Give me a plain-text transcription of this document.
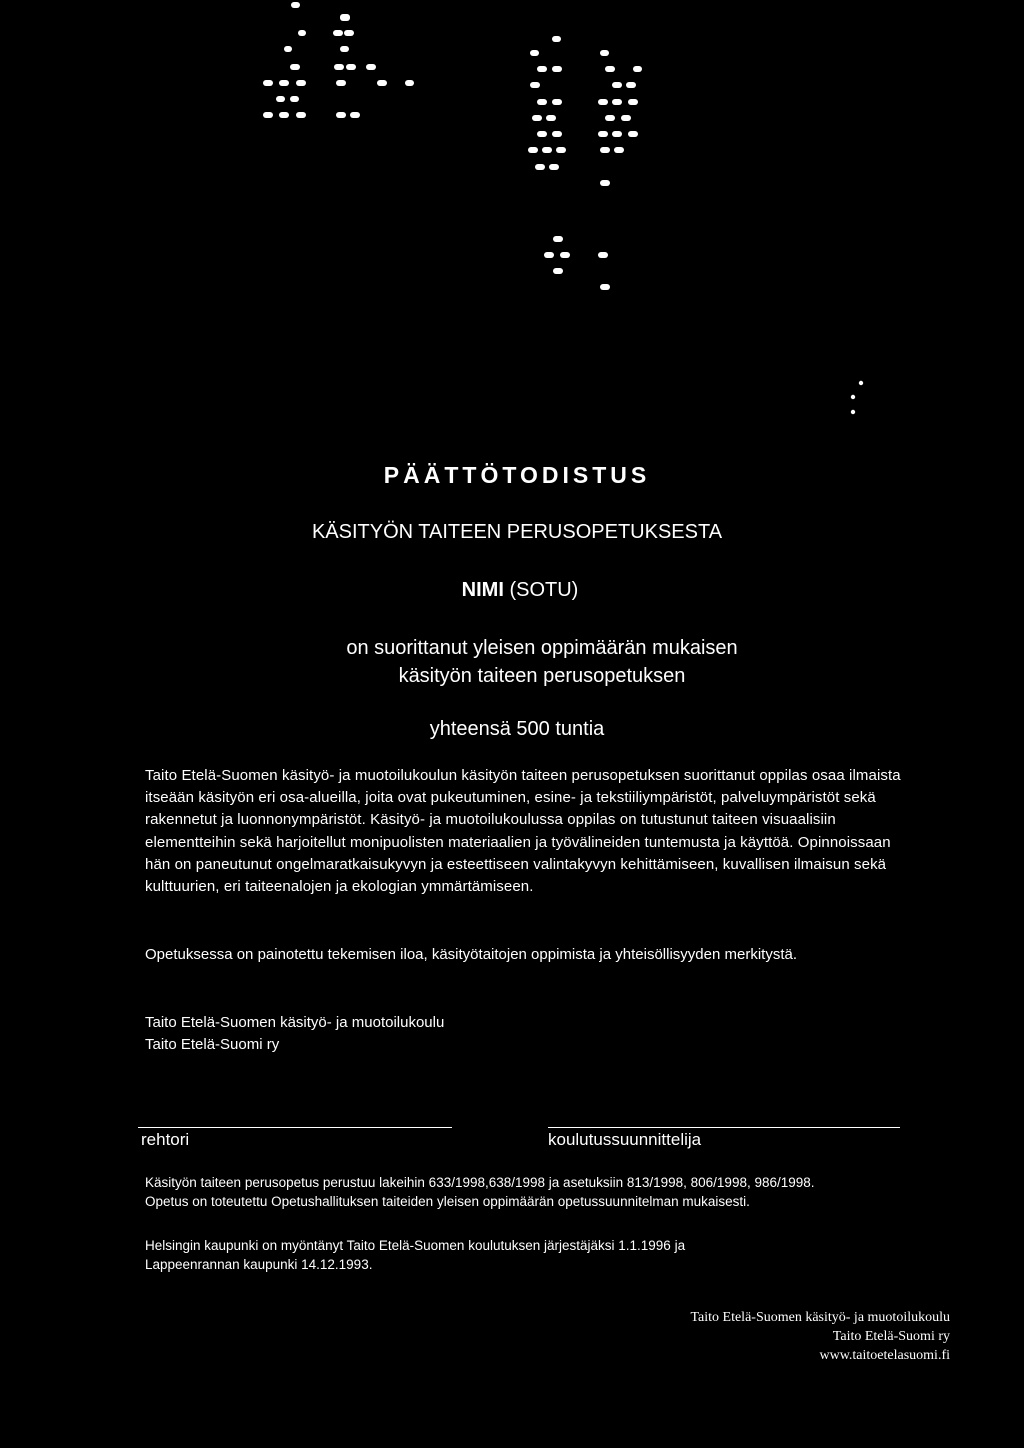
PÄÄTTÖTODISTUS
KÄSITYÖN TAITEEN PERUSOPETUKSESTA
NIMI (SOTU)
on suorittanut yleisen oppimäärän mukaisen
käsityön taiteen perusopetuksen
yhteensä 500 tuntia
Taito Etelä-Suomen käsityö- ja muotoilukoulun käsityön taiteen perusopetuksen suorittanut oppilas osaa ilmaista itseään käsityön eri osa-alueilla, joita ovat pukeutuminen, esine- ja tekstiiliympäristöt, palveluympäristöt sekä rakennetut ja luonnonympäristöt. Käsityö- ja muotoilukoulussa oppilas on tutustunut taiteen visuaalisiin elementteihin sekä harjoitellut monipuolisten materiaalien ja työvälineiden tuntemusta ja käyttöä. Opinnoissaan hän on paneutunut ongelmaratkaisukyvyn ja esteettiseen valintakyvyn kehittämiseen, kuvallisen ilmaisun sekä kulttuurien, eri taiteenalojen ja ekologian ymmärtämiseen.
Opetuksessa on painotettu tekemisen iloa, käsityötaitojen oppimista ja yhteisöllisyyden merkitystä.
Taito Etelä-Suomen käsityö- ja muotoilukoulu
Taito Etelä-Suomi ry
rehtori	koulutussuunnittelija
Käsityön taiteen perusopetus perustuu lakeihin 633/1998,638/1998 ja asetuksiin 813/1998, 806/1998, 986/1998.
Opetus on toteutettu Opetushallituksen taiteiden yleisen oppimäärän opetussuunnitelman mukaisesti.
Helsingin kaupunki on myöntänyt Taito Etelä-Suomen koulutuksen järjestäjäksi 1.1.1996 ja
Lappeenrannan kaupunki 14.12.1993.
Taito Etelä-Suomen käsityö- ja muotoilukoulu
Taito Etelä-Suomi ry
www.taitoetelasuomi.fi
